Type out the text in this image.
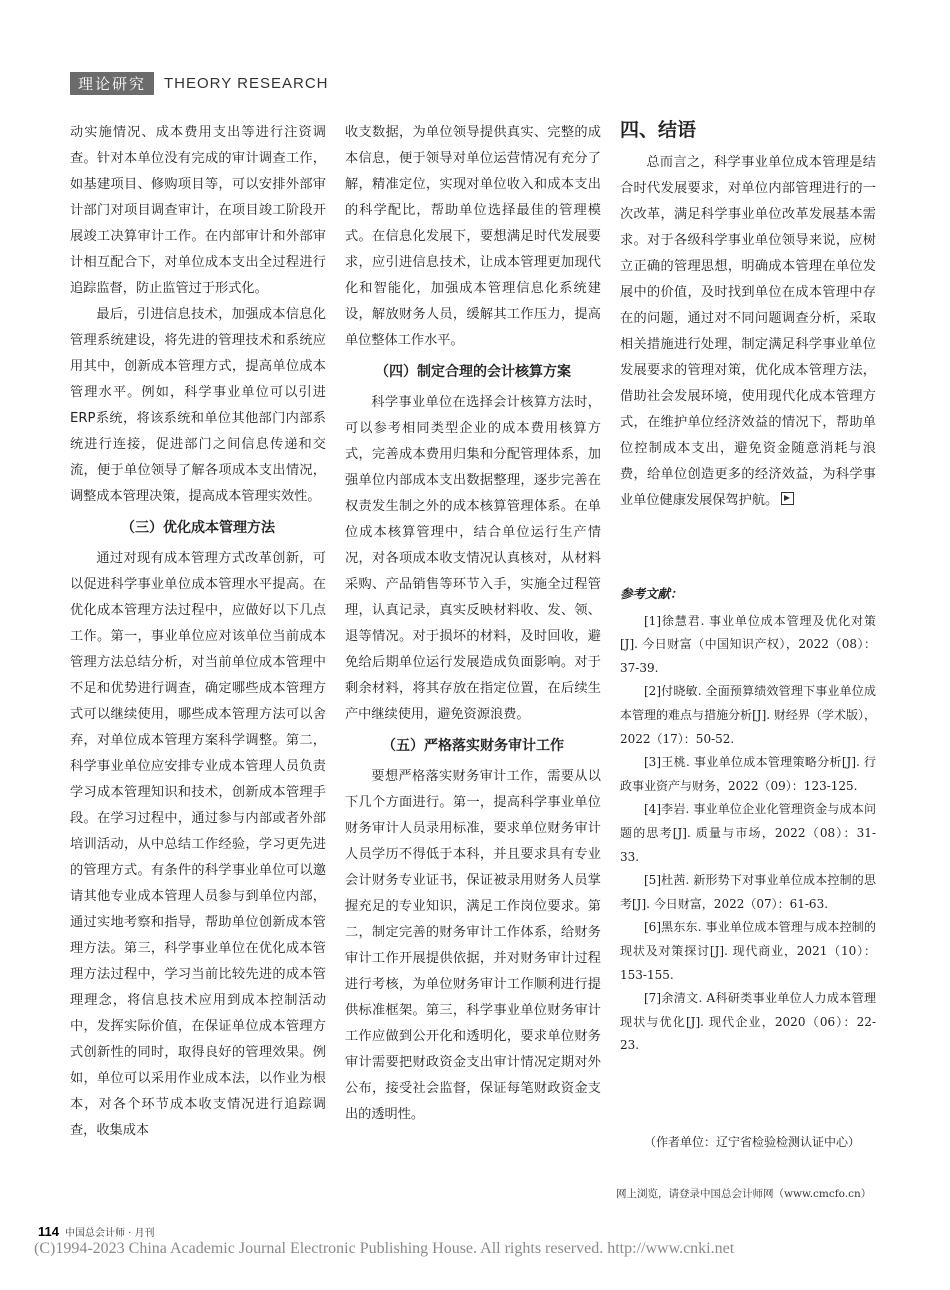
理论研究	THEORY RESEARCH

动实施情况、成本费用支出等进行注资调查。针对本单位没有完成的审计调查工作，如基建项目、修购项目等，可以安排外部审计部门对项目调查审计，在项目竣工阶段开展竣工决算审计工作。在内部审计和外部审计相互配合下，对单位成本支出全过程进行追踪监督，防止监管过于形式化。

最后，引进信息技术，加强成本信息化管理系统建设，将先进的管理技术和系统应用其中，创新成本管理方式，提高单位成本管理水平。例如，科学事业单位可以引进ERP系统，将该系统和单位其他部门内部系统进行连接，促进部门之间信息传递和交流，便于单位领导了解各项成本支出情况，调整成本管理决策，提高成本管理实效性。

（三）优化成本管理方法

通过对现有成本管理方式改革创新，可以促进科学事业单位成本管理水平提高。在优化成本管理方法过程中，应做好以下几点工作。第一，事业单位应对该单位当前成本管理方法总结分析，对当前单位成本管理中不足和优势进行调查，确定哪些成本管理方式可以继续使用，哪些成本管理方法可以舍弃，对单位成本管理方案科学调整。第二，科学事业单位应安排专业成本管理人员负责学习成本管理知识和技术，创新成本管理手段。在学习过程中，通过参与内部或者外部培训活动，从中总结工作经验，学习更先进的管理方式。有条件的科学事业单位可以邀请其他专业成本管理人员参与到单位内部，通过实地考察和指导，帮助单位创新成本管理方法。第三，科学事业单位在优化成本管理方法过程中，学习当前比较先进的成本管理理念，将信息技术应用到成本控制活动中，发挥实际价值，在保证单位成本管理方式创新性的同时，取得良好的管理效果。例如，单位可以采用作业成本法，以作业为根本，对各个环节成本收支情况进行追踪调查，收集成本

收支数据，为单位领导提供真实、完整的成本信息，便于领导对单位运营情况有充分了解，精准定位，实现对单位收入和成本支出的科学配比，帮助单位选择最佳的管理模式。在信息化发展下，要想满足时代发展要求，应引进信息技术，让成本管理更加现代化和智能化，加强成本管理信息化系统建设，解放财务人员，缓解其工作压力，提高单位整体工作水平。

（四）制定合理的会计核算方案

科学事业单位在选择会计核算方法时，可以参考相同类型企业的成本费用核算方式，完善成本费用归集和分配管理体系，加强单位内部成本支出数据整理，逐步完善在权责发生制之外的成本核算管理体系。在单位成本核算管理中，结合单位运行生产情况，对各项成本收支情况认真核对，从材料采购、产品销售等环节入手，实施全过程管理，认真记录，真实反映材料收、发、领、退等情况。对于损坏的材料，及时回收，避免给后期单位运行发展造成负面影响。对于剩余材料，将其存放在指定位置，在后续生产中继续使用，避免资源浪费。

（五）严格落实财务审计工作

要想严格落实财务审计工作，需要从以下几个方面进行。第一，提高科学事业单位财务审计人员录用标准，要求单位财务审计人员学历不得低于本科，并且要求具有专业会计财务专业证书，保证被录用财务人员掌握充足的专业知识，满足工作岗位要求。第二，制定完善的财务审计工作体系，给财务审计工作开展提供依据，并对财务审计过程进行考核，为单位财务审计工作顺利进行提供标准框架。第三，科学事业单位财务审计工作应做到公开化和透明化，要求单位财务审计需要把财政资金支出审计情况定期对外公布，接受社会监督，保证每笔财政资金支出的透明性。

四、结语

总而言之，科学事业单位成本管理是结合时代发展要求，对单位内部管理进行的一次改革，满足科学事业单位改革发展基本需求。对于各级科学事业单位领导来说，应树立正确的管理思想，明确成本管理在单位发展中的价值，及时找到单位在成本管理中存在的问题，通过对不同问题调查分析，采取相关措施进行处理，制定满足科学事业单位发展要求的管理对策，优化成本管理方法，借助社会发展环境，使用现代化成本管理方式，在维护单位经济效益的情况下，帮助单位控制成本支出，避免资金随意消耗与浪费，给单位创造更多的经济效益，为科学事业单位健康发展保驾护航。

参考文献：

[1]徐慧君. 事业单位成本管理及优化对策[J]. 今日财富（中国知识产权），2022（08）：37-39.

[2]付晓敏. 全面预算绩效管理下事业单位成本管理的难点与措施分析[J]. 财经界（学术版），2022（17）：50-52.

[3]王桃. 事业单位成本管理策略分析[J]. 行政事业资产与财务，2022（09）：123-125.

[4]李岩. 事业单位企业化管理资金与成本问题的思考[J]. 质量与市场，2022（08）：31-33.

[5]杜茜. 新形势下对事业单位成本控制的思考[J]. 今日财富，2022（07）：61-63.

[6]黑东东. 事业单位成本管理与成本控制的现状及对策探讨[J]. 现代商业，2021（10）：153-155.

[7]余清文. A科研类事业单位人力成本管理现状与优化[J]. 现代企业，2020（06）：22-23.

（作者单位：辽宁省检验检测认证中心）
网上浏览，请登录中国总会计师网（www.cmcfo.cn）
114 中国总会计师 · 月刊
(C)1994-2023 China Academic Journal Electronic Publishing House. All rights reserved. http://www.cnki.net
